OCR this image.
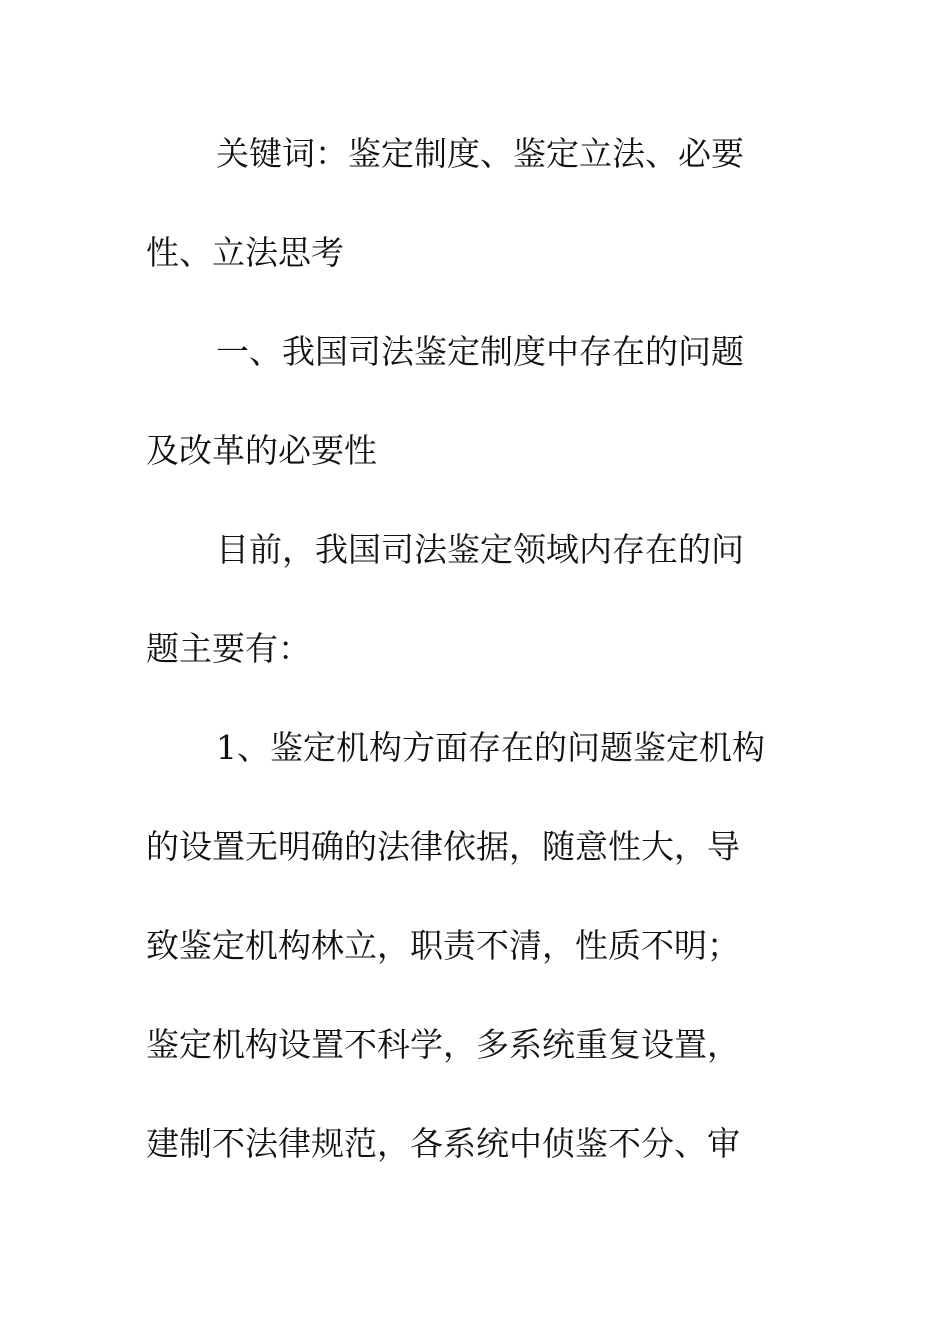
关键词：鉴定制度、鉴定立法、必要
性、立法思考
一、我国司法鉴定制度中存在的问题
及改革的必要性
目前，我国司法鉴定领域内存在的问
题主要有：
1、鉴定机构方面存在的问题鉴定机构
的设置无明确的法律依据，随意性大，导
致鉴定机构林立，职责不清，性质不明；
鉴定机构设置不科学，多系统重复设置，
建制不法律规范，各系统中侦鉴不分、审
